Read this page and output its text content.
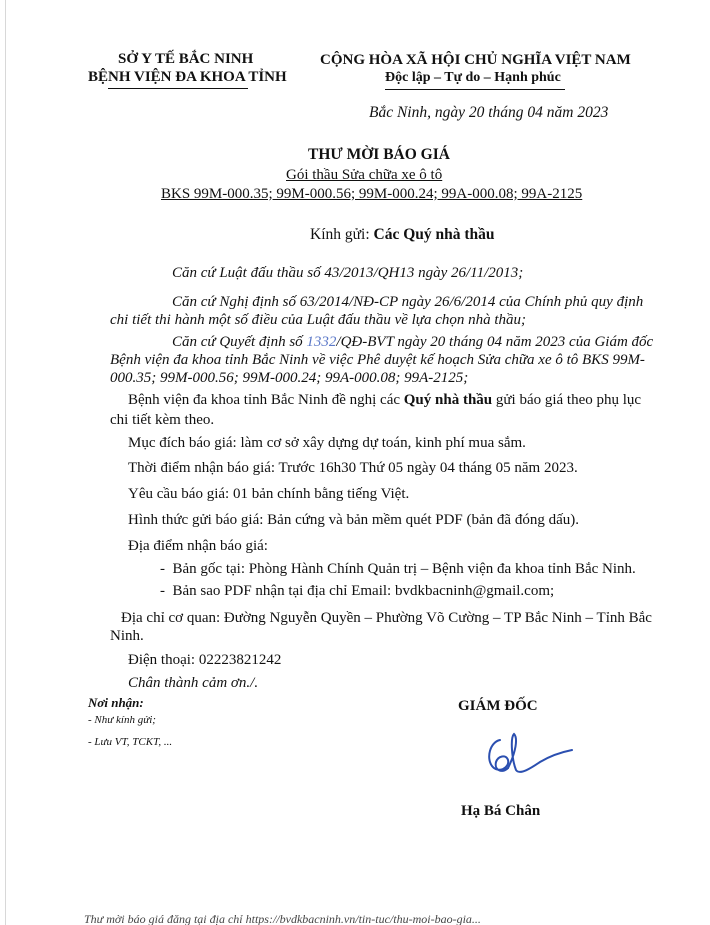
SỞ Y TẾ BẮC NINH
BỆNH VIỆN ĐA KHOA TỈNH
CỘNG HÒA XÃ HỘI CHỦ NGHĨA VIỆT NAM
Độc lập – Tự do – Hạnh phúc
Bắc Ninh, ngày 20 tháng 04 năm 2023
THƯ MỜI BÁO GIÁ
Gói thầu Sửa chữa xe ô tô
BKS 99M-000.35; 99M-000.56; 99M-000.24; 99A-000.08; 99A-2125
Kính gửi: Các Quý nhà thầu
Căn cứ Luật đấu thầu số 43/2013/QH13 ngày 26/11/2013;
Căn cứ Nghị định số 63/2014/NĐ-CP ngày 26/6/2014 của Chính phủ quy định
chi tiết thi hành một số điều của Luật đấu thầu về lựa chọn nhà thầu;
Căn cứ Quyết định số 1332/QĐ-BVT ngày 20 tháng 04 năm 2023 của Giám đốc
Bệnh viện đa khoa tỉnh Bắc Ninh về việc Phê duyệt kế hoạch Sửa chữa xe ô tô BKS 99M-
000.35; 99M-000.56; 99M-000.24; 99A-000.08; 99A-2125;
Bệnh viện đa khoa tỉnh Bắc Ninh đề nghị các Quý nhà thầu gửi báo giá theo phụ lục
chi tiết kèm theo.
Mục đích báo giá: làm cơ sở xây dựng dự toán, kinh phí mua sắm.
Thời điểm nhận báo giá: Trước 16h30 Thứ 05 ngày 04 tháng 05 năm 2023.
Yêu cầu báo giá: 01 bản chính bằng tiếng Việt.
Hình thức gửi báo giá: Bản cứng và bản mềm quét PDF (bản đã đóng dấu).
Địa điểm nhận báo giá:
-  Bản gốc tại: Phòng Hành Chính Quản trị – Bệnh viện đa khoa tỉnh Bắc Ninh.
-  Bản sao PDF nhận tại địa chỉ Email: bvdkbacninh@gmail.com;
Địa chỉ cơ quan: Đường Nguyễn Quyền – Phường Võ Cường – TP Bắc Ninh – Tỉnh Bắc
Ninh.
Điện thoại: 02223821242
Chân thành cảm ơn./.
Nơi nhận:
- Như kính gửi;
- Lưu VT, TCKT, ...
GIÁM ĐỐC
Hạ Bá Chân
Thư mời báo giá đăng tại địa chỉ https://bvdkbacninh.vn/tin-tuc/thu-moi-bao-gia...
